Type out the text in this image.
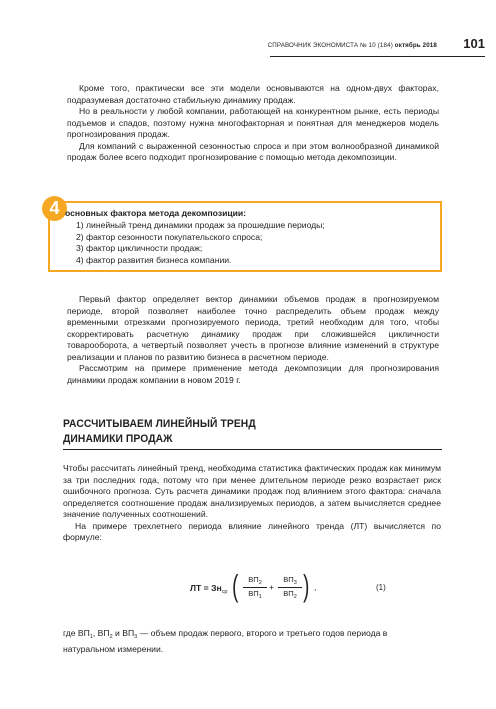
СПРАВОЧНИК ЭКОНОМИСТА № 10 (184) октябрь 2018 101

Кроме того, практически все эти модели основываются на одном-двух факторах, подразумевая достаточно стабильную динамику продаж.

Но в реальности у любой компании, работающей на конкурентном рынке, есть периоды подъемов и спадов, поэтому нужна многофакторная и понятная для менеджеров модель прогнозирования продаж.

Для компаний с выраженной сезонностью спроса и при этом волнообразной динамикой продаж более всего подходит прогнозирование с помощью метода декомпозиции.

4 основных фактора метода декомпозиции:
1) линейный тренд динамики продаж за прошедшие периоды;
2) фактор сезонности покупательского спроса;
3) фактор цикличности продаж;
4) фактор развития бизнеса компании.

Первый фактор определяет вектор динамики объемов продаж в прогнозируемом периоде, второй позволяет наиболее точно распределить объем продаж между временными отрезками прогнозируемого периода, третий необходим для того, чтобы скорректировать расчетную динамику продаж при сложившейся цикличности товарооборота, а четвертый позволяет учесть в прогнозе влияние изменений в структуре реализации и планов по развитию бизнеса в расчетном периоде.

Рассмотрим на примере применение метода декомпозиции для прогнозирования динамики продаж компании в новом 2019 г.

РАССЧИТЫВАЕМ ЛИНЕЙНЫЙ ТРЕНД
ДИНАМИКИ ПРОДАЖ

Чтобы рассчитать линейный тренд, необходима статистика фактических продаж как минимум за три последних года, потому что при менее длительном периоде резко возрастает риск ошибочного прогноза. Суть расчета динамики продаж под влиянием этого фактора: сначала определяется соотношение продаж анализируемых периодов, а затем вычисляется среднее значение полученных соотношений.

На примере трехлетнего периода влияние линейного тренда (ЛТ) вычисляется по формуле:

ЛТ = $Зн_{ср}$ (	$ВП_2$
$ВП_1$
+
$ВП_3$
$ВП_2$ ) ,	(1)
где $ВП_1$, $ВП_2$ и $ВП_3$ — объем продаж первого, второго и третьего годов периода в натуральном измерении.
